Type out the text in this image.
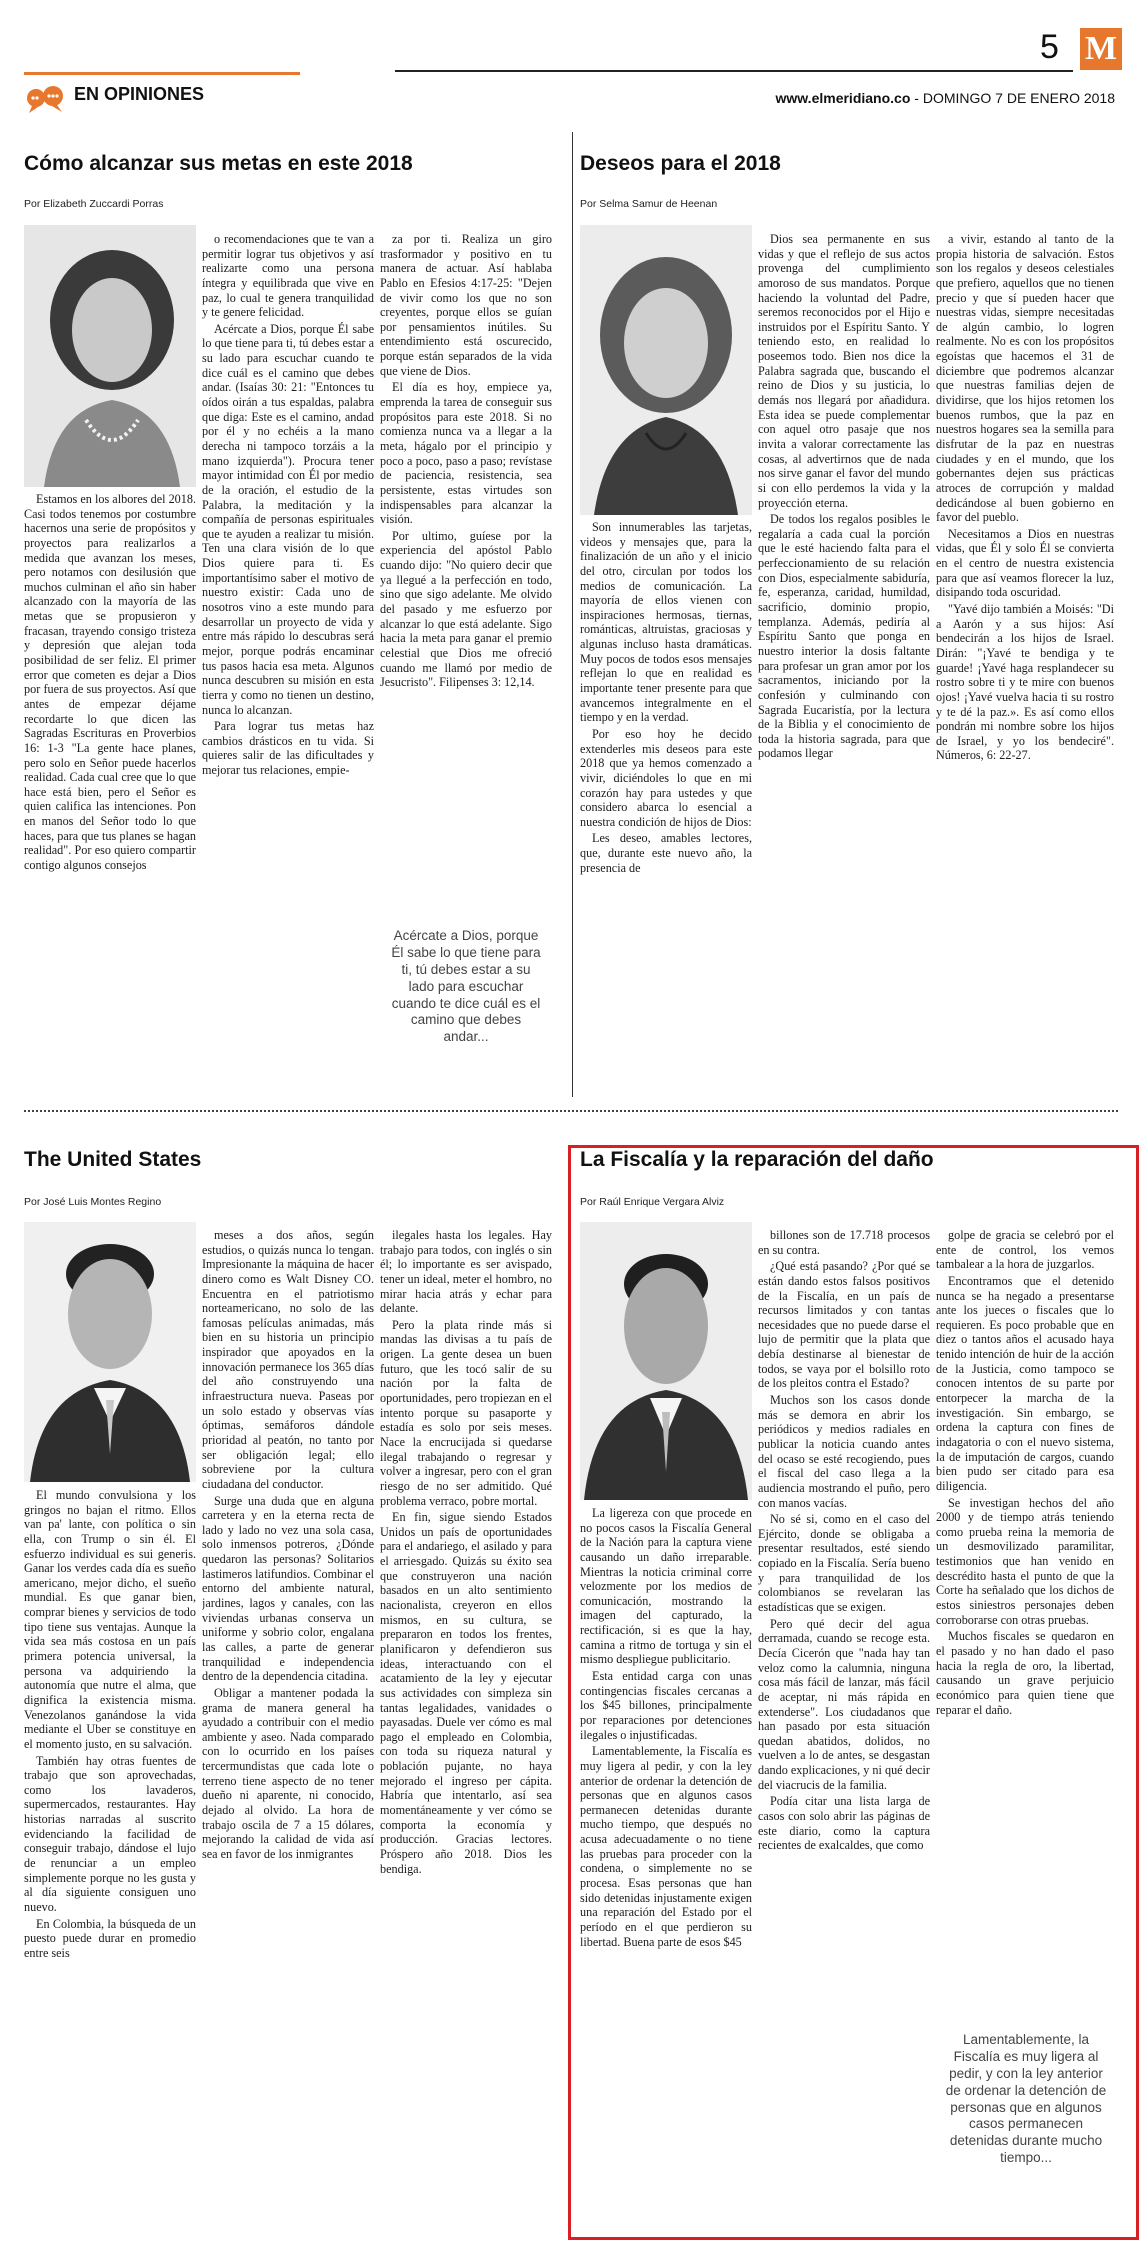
5 M
EN OPINIONES	www.elmeridiano.co - DOMINGO 7 DE ENERO 2018
Cómo alcanzar sus metas en este 2018
Por Elizabeth Zuccardi Porras

Estamos en los albores del 2018. Casi todos tenemos por costumbre hacernos una serie de propósitos y proyectos para realizarlos a medida que avanzan los meses, pero notamos con desilusión que muchos culminan el año sin haber alcanzado con la mayoría de las metas que se propusieron y fracasan, trayendo consigo tristeza y depresión que alejan toda posibilidad de ser feliz. El primer error que cometen es dejar a Dios por fuera de sus proyectos. Así que antes de empezar déjame recordarte lo que dicen las Sagradas Escrituras en Proverbios 16: 1-3 "La gente hace planes, pero solo en Señor puede hacerlos realidad. Cada cual cree que lo que hace está bien, pero el Señor es quien califica las intenciones. Pon en manos del Señor todo lo que haces, para que tus planes se hagan realidad". Por eso quiero compartir contigo algunos consejos

o recomendaciones que te van a permitir lograr tus objetivos y así realizarte como una persona íntegra y equilibrada que vive en paz, lo cual te genera tranquilidad y te genere felicidad.

Acércate a Dios, porque Él sabe lo que tiene para ti, tú debes estar a su lado para escuchar cuando te dice cuál es el camino que debes andar. (Isaías 30: 21: "Entonces tu oídos oirán a tus espaldas, palabra que diga: Este es el camino, andad por él y no echéis a la mano derecha ni tampoco torzáis a la mano izquierda"). Procura tener mayor intimidad con Él por medio de la oración, el estudio de la Palabra, la meditación y la compañía de personas espirituales que te ayuden a realizar tu misión. Ten una clara visión de lo que Dios quiere para ti. Es importantísimo saber el motivo de nuestro existir: Cada uno de nosotros vino a este mundo para desarrollar un proyecto de vida y entre más rápido lo descubras será mejor, porque podrás encaminar tus pasos hacia esa meta. Algunos nunca descubren su misión en esta tierra y como no tienen un destino, nunca lo alcanzan.

Para lograr tus metas haz cambios drásticos en tu vida. Si quieres salir de las dificultades y mejorar tus relaciones, empie-

za por ti. Realiza un giro trasformador y positivo en tu manera de actuar. Así hablaba Pablo en Efesios 4:17-25: "Dejen de vivir como los que no son creyentes, porque ellos se guían por pensamientos inútiles. Su entendimiento está oscurecido, porque están separados de la vida que viene de Dios.

El día es hoy, empiece ya, emprenda la tarea de conseguir sus propósitos para este 2018. Si no comienza nunca va a llegar a la meta, hágalo por el principio y poco a poco, paso a paso; revístase de paciencia, resistencia, sea persistente, estas virtudes son indispensables para alcanzar la visión.

Por ultimo, guíese por la experiencia del apóstol Pablo cuando dijo: "No quiero decir que ya llegué a la perfección en todo, sino que sigo adelante. Me olvido del pasado y me esfuerzo por alcanzar lo que está adelante. Sigo hacia la meta para ganar el premio celestial que Dios me ofreció cuando me llamó por medio de Jesucristo". Filipenses 3: 12,14.

Acércate a Dios, porque Él sabe lo que tiene para ti, tú debes estar a su lado para escuchar cuando te dice cuál es el camino que debes andar...
Deseos para el 2018
Por Selma Samur de Heenan

Son innumerables las tarjetas, videos y mensajes que, para la finalización de un año y el inicio del otro, circulan por todos los medios de comunicación. La mayoría de ellos vienen con inspiraciones hermosas, tiernas, románticas, altruistas, graciosas y algunas incluso hasta dramáticas. Muy pocos de todos esos mensajes reflejan lo que en realidad es importante tener presente para que avancemos integralmente en el tiempo y en la verdad.

Por eso hoy he decido extenderles mis deseos para este 2018 que ya hemos comenzado a vivir, diciéndoles lo que en mi corazón hay para ustedes y que considero abarca lo esencial a nuestra condición de hijos de Dios:

Les deseo, amables lectores, que, durante este nuevo año, la presencia de

Dios sea permanente en sus vidas y que el reflejo de sus actos provenga del cumplimiento amoroso de sus mandatos. Porque haciendo la voluntad del Padre, seremos reconocidos por el Hijo e instruidos por el Espíritu Santo. Y teniendo esto, en realidad lo poseemos todo. Bien nos dice la Palabra sagrada que, buscando el reino de Dios y su justicia, lo demás nos llegará por añadidura. Esta idea se puede complementar con aquel otro pasaje que nos invita a valorar correctamente las cosas, al advertirnos que de nada nos sirve ganar el favor del mundo si con ello perdemos la vida y la proyección eterna.

De todos los regalos posibles le regalaría a cada cual la porción que le esté haciendo falta para el perfeccionamiento de su relación con Dios, especialmente sabiduría, fe, esperanza, caridad, humildad, sacrificio, dominio propio, templanza. Además, pediría al Espíritu Santo que ponga en nuestro interior la dosis faltante para profesar un gran amor por los sacramentos, iniciando por la confesión y culminando con Sagrada Eucaristía, por la lectura de la Biblia y el conocimiento de toda la historia sagrada, para que podamos llegar

a vivir, estando al tanto de la propia historia de salvación. Estos son los regalos y deseos celestiales que prefiero, aquellos que no tienen precio y que sí pueden hacer que nuestras vidas, siempre necesitadas de algún cambio, lo logren realmente. No es con los propósitos egoístas que hacemos el 31 de diciembre que podremos alcanzar que nuestras familias dejen de dividirse, que los hijos retomen los buenos rumbos, que la paz en nuestros hogares sea la semilla para disfrutar de la paz en nuestras ciudades y en el mundo, que los gobernantes dejen sus prácticas atroces de corrupción y maldad dedicándose al buen gobierno en favor del pueblo.

Necesitamos a Dios en nuestras vidas, que Él y solo Él se convierta en el centro de nuestra existencia para que así veamos florecer la luz, disipando toda oscuridad.

"Yavé dijo también a Moisés: "Di a Aarón y a sus hijos: Así bendecirán a los hijos de Israel. Dirán: "¡Yavé te bendiga y te guarde! ¡Yavé haga resplandecer su rostro sobre ti y te mire con buenos ojos! ¡Yavé vuelva hacia ti su rostro y te dé la paz.». Es así como ellos pondrán mi nombre sobre los hijos de Israel, y yo los bendeciré". Números, 6: 22-27.

The United States
Por José Luis Montes Regino

El mundo convulsiona y los gringos no bajan el ritmo. Ellos van pa' lante, con política o sin ella, con Trump o sin él. El esfuerzo individual es sui generis. Ganar los verdes cada día es sueño americano, mejor dicho, el sueño mundial. Es que ganar bien, comprar bienes y servicios de todo tipo tiene sus ventajas. Aunque la vida sea más costosa en un país primera potencia universal, la persona va adquiriendo la autonomía que nutre el alma, que dignifica la existencia misma. Venezolanos ganándose la vida mediante el Uber se constituye en el momento justo, en su salvación.

También hay otras fuentes de trabajo que son aprovechadas, como los lavaderos, supermercados, restaurantes. Hay historias narradas al suscrito evidenciando la facilidad de conseguir trabajo, dándose el lujo de renunciar a un empleo simplemente porque no les gusta y al día siguiente consiguen uno nuevo.

En Colombia, la búsqueda de un puesto puede durar en promedio entre seis

meses a dos años, según estudios, o quizás nunca lo tengan. Impresionante la máquina de hacer dinero como es Walt Disney CO. Encuentra en el patriotismo norteamericano, no solo de las famosas películas animadas, más bien en su historia un principio inspirador que apoyados en la innovación permanece los 365 días del año construyendo una infraestructura nueva. Paseas por un solo estado y observas vías óptimas, semáforos dándole prioridad al peatón, no tanto por ser obligación legal; ello sobreviene por la cultura ciudadana del conductor.

Surge una duda que en alguna carretera y en la eterna recta de lado y lado no vez una sola casa, solo inmensos potreros, ¿Dónde quedaron las personas? Solitarios lastimeros latifundios. Combinar el entorno del ambiente natural, jardines, lagos y canales, con las viviendas urbanas conserva un uniforme y sobrio color, engalana las calles, a parte de generar tranquilidad e independencia dentro de la dependencia citadina.

Obligar a mantener podada la grama de manera general ha ayudado a contribuir con el medio ambiente y aseo. Nada comparado con lo ocurrido en los países tercermundistas que cada lote o terreno tiene aspecto de no tener dueño ni aparente, ni conocido, dejado al olvido. La hora de trabajo oscila de 7 a 15 dólares, mejorando la calidad de vida así sea en favor de los inmigrantes

ilegales hasta los legales. Hay trabajo para todos, con inglés o sin él; lo importante es ser avispado, tener un ideal, meter el hombro, no mirar hacia atrás y echar para delante.

Pero la plata rinde más si mandas las divisas a tu país de origen. La gente desea un buen futuro, que les tocó salir de su nación por la falta de oportunidades, pero tropiezan en el intento porque su pasaporte y estadía es solo por seis meses. Nace la encrucijada si quedarse ilegal trabajando o regresar y volver a ingresar, pero con el gran riesgo de no ser admitido. Qué problema verraco, pobre mortal.

En fin, sigue siendo Estados Unidos un país de oportunidades para el andariego, el asilado y para el arriesgado. Quizás su éxito sea que construyeron una nación basados en un alto sentimiento nacionalista, creyeron en ellos mismos, en su cultura, se prepararon en todos los frentes, planificaron y defendieron sus ideas, interactuando con el acatamiento de la ley y ejecutar sus actividades con simpleza sin tantas legalidades, vanidades o payasadas. Duele ver cómo es mal pago el empleado en Colombia, con toda su riqueza natural y población pujante, no haya mejorado el ingreso per cápita. Habría que intentarlo, así sea momentáneamente y ver cómo se comporta la economía y producción. Gracias lectores. Próspero año 2018. Dios les bendiga.

La Fiscalía y la reparación del daño
Por Raúl Enrique Vergara Alviz

La ligereza con que procede en no pocos casos la Fiscalía General de la Nación para la captura viene causando un daño irreparable. Mientras la noticia criminal corre velozmente por los medios de comunicación, mostrando la imagen del capturado, la rectificación, si es que la hay, camina a ritmo de tortuga y sin el mismo despliegue publicitario.

Esta entidad carga con unas contingencias fiscales cercanas a los $45 billones, principalmente por reparaciones por detenciones ilegales o injustificadas.

Lamentablemente, la Fiscalía es muy ligera al pedir, y con la ley anterior de ordenar la detención de personas que en algunos casos permanecen detenidas durante mucho tiempo, que después no acusa adecuadamente o no tiene las pruebas para proceder con la condena, o simplemente no se procesa. Esas personas que han sido detenidas injustamente exigen una reparación del Estado por el período en el que perdieron su libertad. Buena parte de esos $45

billones son de 17.718 procesos en su contra.

¿Qué está pasando? ¿Por qué se están dando estos falsos positivos de la Fiscalía, en un país de recursos limitados y con tantas necesidades que no puede darse el lujo de permitir que la plata que debía destinarse al bienestar de todos, se vaya por el bolsillo roto de los pleitos contra el Estado?

Muchos son los casos donde más se demora en abrir los periódicos y medios radiales en publicar la noticia cuando antes del ocaso se esté recogiendo, pues el fiscal del caso llega a la audiencia mostrando el puño, pero con manos vacías.

No sé si, como en el caso del Ejército, donde se obligaba a presentar resultados, esté siendo copiado en la Fiscalía. Sería bueno y para tranquilidad de los colombianos se revelaran las estadísticas que se exigen.

Pero qué decir del agua derramada, cuando se recoge esta. Decía Cicerón que "nada hay tan veloz como la calumnia, ninguna cosa más fácil de lanzar, más fácil de aceptar, ni más rápida en extenderse". Los ciudadanos que han pasado por esta situación quedan abatidos, dolidos, no vuelven a lo de antes, se desgastan dando explicaciones, y ni qué decir del viacrucis de la familia.

Podía citar una lista larga de casos con solo abrir las páginas de este diario, como la captura recientes de exalcaldes, que como

golpe de gracia se celebró por el ente de control, los vemos tambalear a la hora de juzgarlos.

Encontramos que el detenido nunca se ha negado a presentarse ante los jueces o fiscales que lo requieren. Es poco probable que en diez o tantos años el acusado haya tenido intención de huir de la acción de la Justicia, como tampoco se conocen intentos de su parte por entorpecer la marcha de la investigación. Sin embargo, se ordena la captura con fines de indagatoria o con el nuevo sistema, la de imputación de cargos, cuando bien pudo ser citado para esa diligencia.

Se investigan hechos del año 2000 y de tiempo atrás teniendo como prueba reina la memoria de un desmovilizado paramilitar, testimonios que han venido en descrédito hasta el punto de que la Corte ha señalado que los dichos de estos siniestros personajes deben corroborarse con otras pruebas.

Muchos fiscales se quedaron en el pasado y no han dado el paso hacia la regla de oro, la libertad, causando un grave perjuicio económico para quien tiene que reparar el daño.

Lamentablemente, la Fiscalía es muy ligera al pedir, y con la ley anterior de ordenar la detención de personas que en algunos casos permanecen detenidas durante mucho tiempo...
